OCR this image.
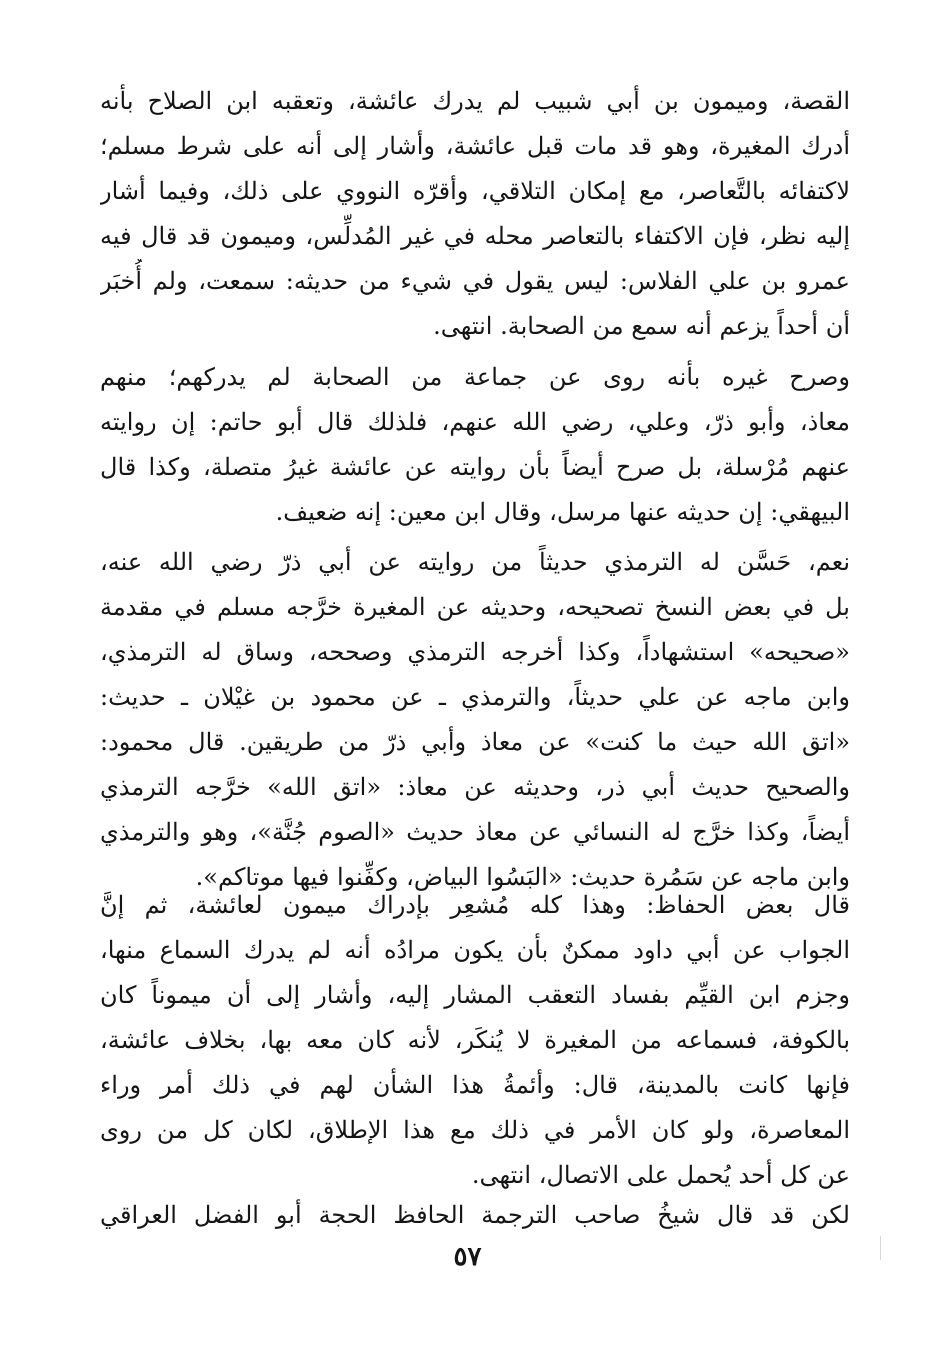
القصة، وميمون بن أبي شبيب لم يدرك عائشة، وتعقبه ابن الصلاح بأنه
أدرك المغيرة، وهو قد مات قبل عائشة، وأشار إلى أنه على شرط مسلم؛
لاكتفائه بالتَّعاصر، مع إمكان التلاقي، وأقرّه النووي على ذلك، وفيما أشار
إليه نظر، فإن الاكتفاء بالتعاصر محله في غير المُدلِّس، وميمون قد قال فيه
عمرو بن علي الفلاس: ليس يقول في شيء من حديثه: سمعت، ولم أُخبَر
أن أحداً يزعم أنه سمع من الصحابة. انتهى.
وصرح غيره بأنه روى عن جماعة من الصحابة لم يدركهم؛ منهم
معاذ، وأبو ذرّ، وعلي، رضي الله عنهم، فلذلك قال أبو حاتم: إن روايته
عنهم مُرْسلة، بل صرح أيضاً بأن روايته عن عائشة غيرُ متصلة، وكذا قال
البيهقي: إن حديثه عنها مرسل، وقال ابن معين: إنه ضعيف.
نعم، حَسَّن له الترمذي حديثاً من روايته عن أبي ذرّ رضي الله عنه،
بل في بعض النسخ تصحيحه، وحديثه عن المغيرة خرَّجه مسلم في مقدمة
«صحيحه» استشهاداً، وكذا أخرجه الترمذي وصححه، وساق له الترمذي،
وابن ماجه عن علي حديثاً، والترمذي ـ عن محمود بن غيْلان ـ حديث:
«اتق الله حيث ما كنت» عن معاذ وأبي ذرّ من طريقين. قال محمود:
والصحيح حديث أبي ذر، وحديثه عن معاذ: «اتق الله» خرَّجه الترمذي
أيضاً، وكذا خرَّج له النسائي عن معاذ حديث «الصوم جُنَّة»، وهو والترمذي
وابن ماجه عن سَمُرة حديث: «البَسُوا البياض، وكفِّنوا فيها موتاكم».
قال بعض الحفاظ: وهذا كله مُشعِر بإدراك ميمون لعائشة، ثم إنَّ
الجواب عن أبي داود ممكنٌ بأن يكون مرادُه أنه لم يدرك السماع منها،
وجزم ابن القيِّم بفساد التعقب المشار إليه، وأشار إلى أن ميموناً كان
بالكوفة، فسماعه من المغيرة لا يُنكَر، لأنه كان معه بها، بخلاف عائشة،
فإنها كانت بالمدينة، قال: وأئمةُ هذا الشأن لهم في ذلك أمر وراء
المعاصرة، ولو كان الأمر في ذلك مع هذا الإطلاق، لكان كل من روى
عن كل أحد يُحمل على الاتصال، انتهى.
لكن قد قال شيخُ صاحب الترجمة الحافظ الحجة أبو الفضل العراقي
٥٧
